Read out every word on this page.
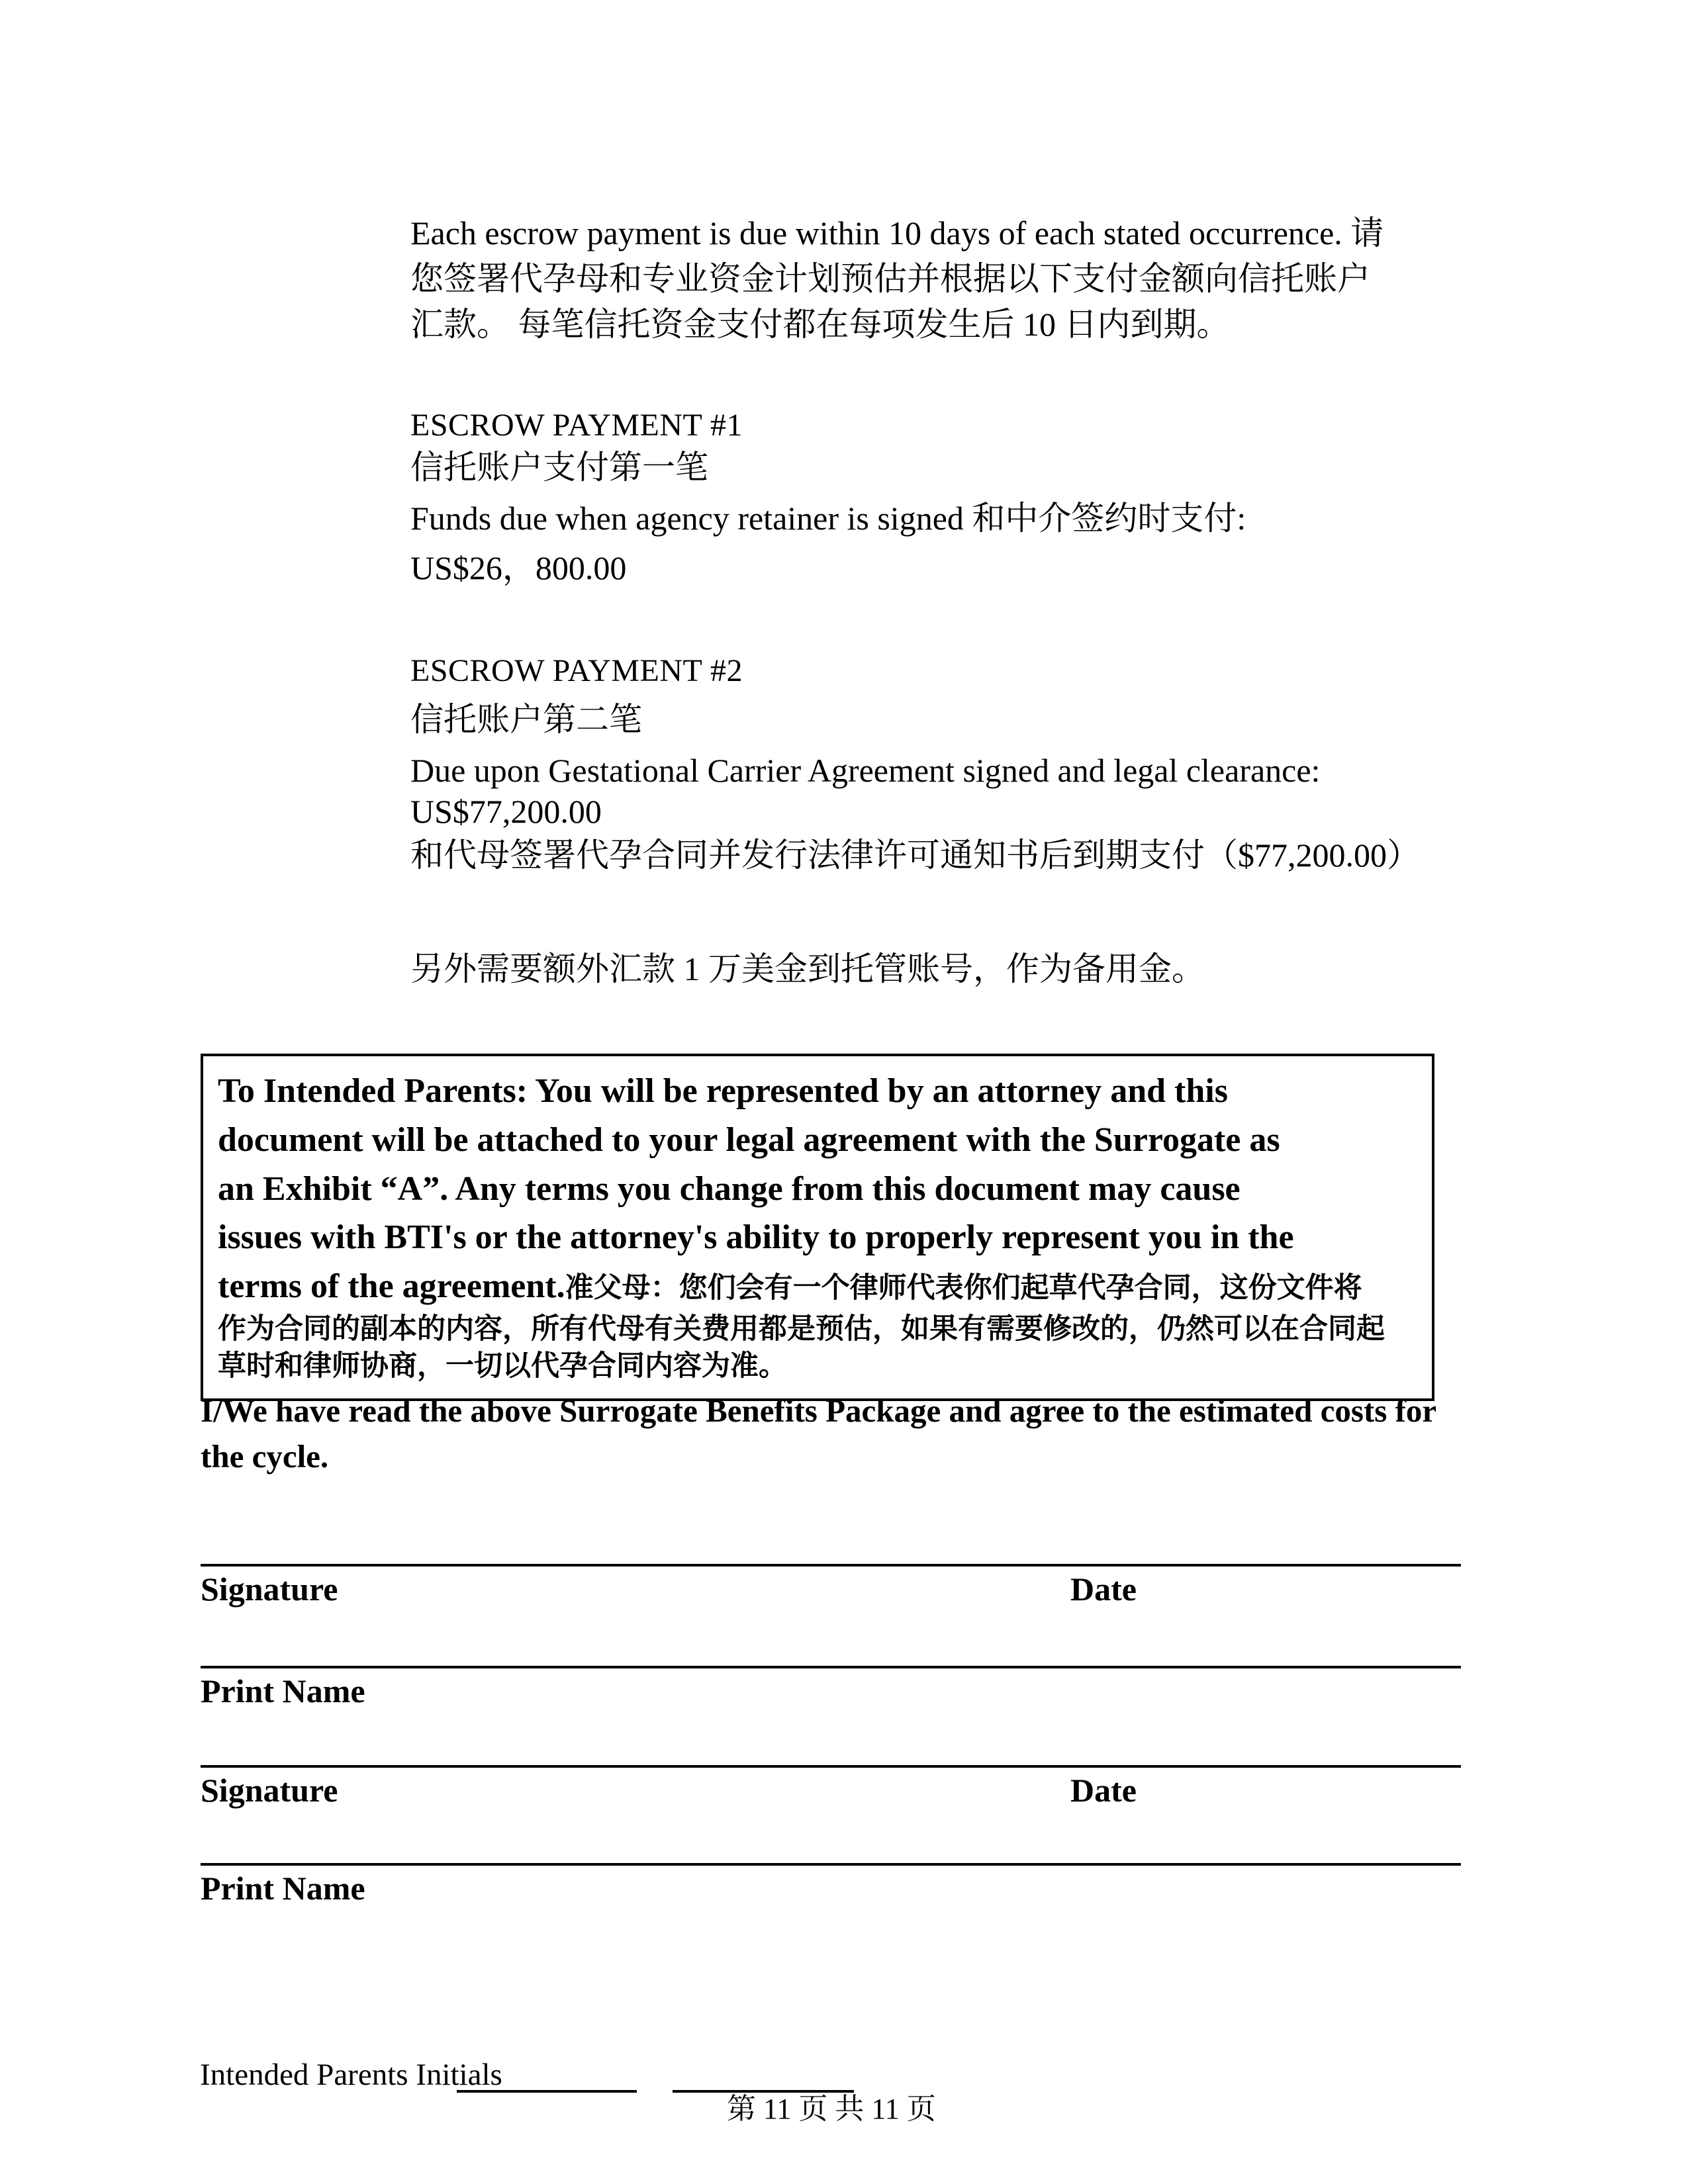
Each escrow payment is due within 10 days of each stated occurrence. 请
您签署代孕母和专业资金计划预估并根据以下支付金额向信托账户
汇款。 每笔信托资金支付都在每项发生后 10 日内到期。
ESCROW PAYMENT #1
信托账户支付第一笔
Funds due when agency retainer is signed 和中介签约时支付:
US$26，800.00
ESCROW PAYMENT #2
信托账户第二笔
Due upon Gestational Carrier Agreement signed and legal clearance:
US$77,200.00
和代母签署代孕合同并发行法律许可通知书后到期支付（$77,200.00）
另外需要额外汇款 1 万美金到托管账号，作为备用金。

To Intended Parents: You will be represented by an attorney and this
document will be attached to your legal agreement with the Surrogate as
an Exhibit “A”. Any terms you change from this document may cause
issues with BTI's or the attorney's ability to properly represent you in the
terms of the agreement.准父母：您们会有一个律师代表你们起草代孕合同，这份文件将

作为合同的副本的内容，所有代母有关费用都是预估，如果有需要修改的，仍然可以在合同起
草时和律师协商，一切以代孕合同内容为准。

I/We have read the above Surrogate Benefits Package and agree to the estimated costs for
the cycle.
Signature	Date
Print Name
Signature	Date
Print Name
Intended Parents Initials
第 11 页 共 11 页
